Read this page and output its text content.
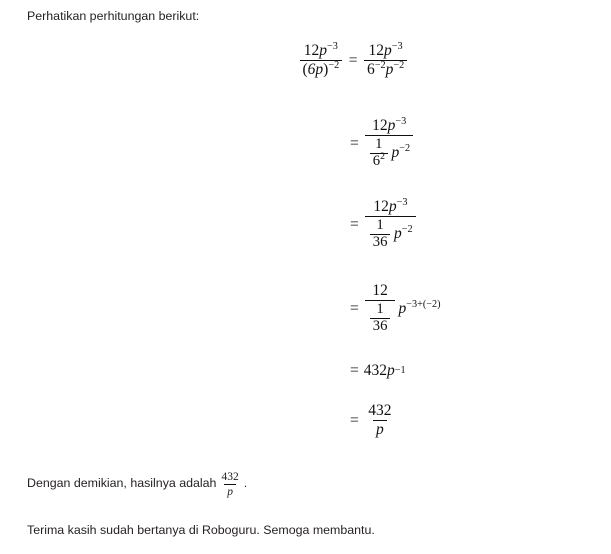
Perhatikan perhitungan berikut:
$\frac{12p^{-3}}{(6p)^{-2}} = \frac{12p^{-3}}{6^{-2}p^{-2}}$
= $\frac{12p^{-3}}{\frac{1}{6^2} p^{-2}}$
= $\frac{12p^{-3}}{\frac{1}{36} p^{-2}}$
= $\frac{12}{\frac{1}{36}} p^{-3+(-2)}$
= 432 p −1
= $\frac{432}{p}$
Dengan demikian, hasilnya adalah $\frac{432}{p}$ .
Terima kasih sudah bertanya di Roboguru. Semoga membantu.
